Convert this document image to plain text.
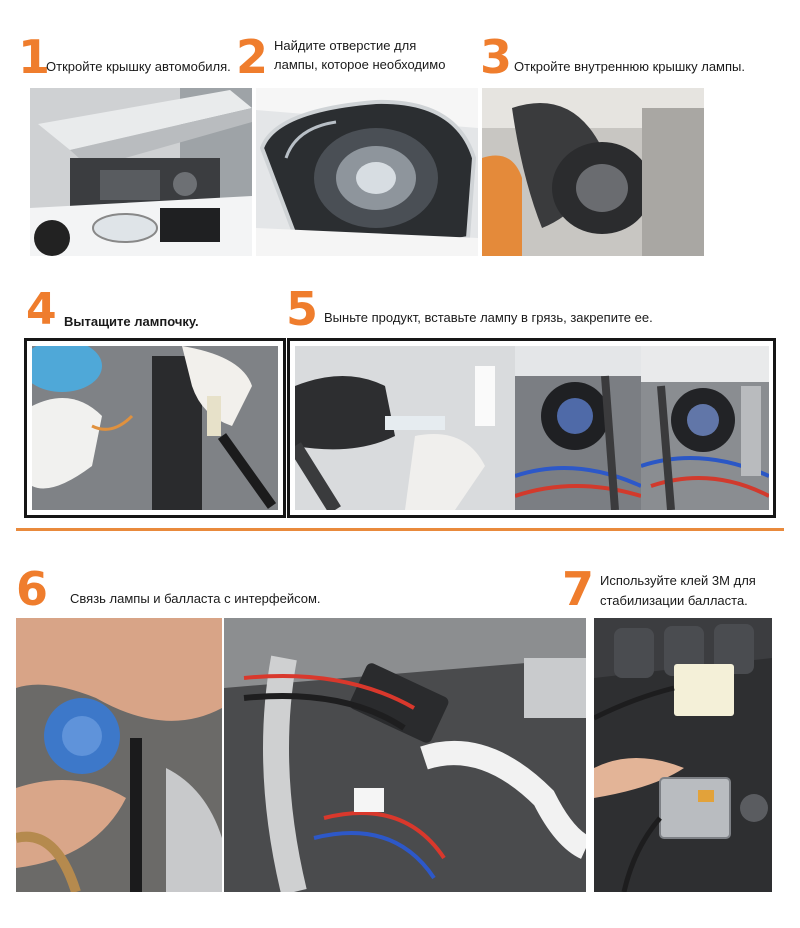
1
Откройте крышку автомобиля. 2 Найдите отверстие для
лампы, которое необходимо 3 Откройте внутреннюю крышку лампы.
4 Вытащите лампочку. 5 Выньте продукт, вставьте лампу в грязь, закрепите ее.
6 Связь лампы и балласта с интерфейсом.	7 Используйте клей 3M для
стабилизации балласта.
